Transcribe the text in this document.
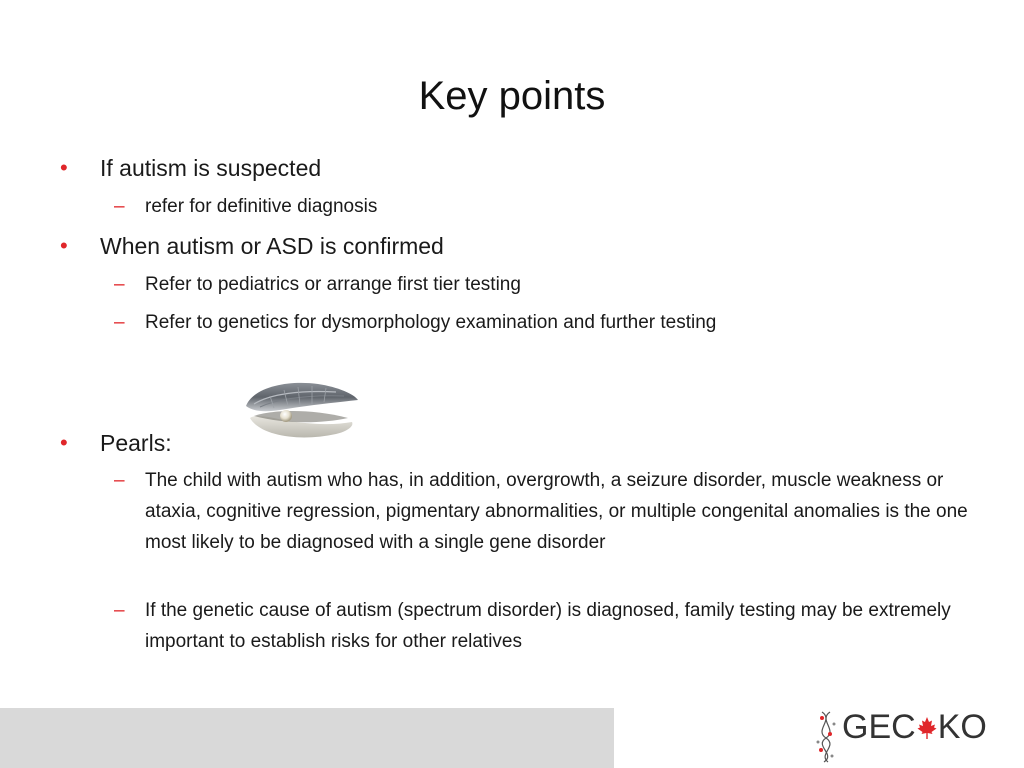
Key points
• If autism is suspected

– refer for definitive diagnosis

• When autism or ASD is confirmed

– Refer to pediatrics or arrange first tier testing

– Refer to genetics for dysmorphology examination and further testing

• Pearls:

– The child with autism who has, in addition, overgrowth, a seizure disorder, muscle weakness or ataxia, cognitive regression, pigmentary abnormalities, or multiple congenital anomalies is the one most likely to be diagnosed with a single gene disorder

– If the genetic cause of autism (spectrum disorder) is diagnosed, family testing may be extremely important to establish risks for other relatives

GEC KO
